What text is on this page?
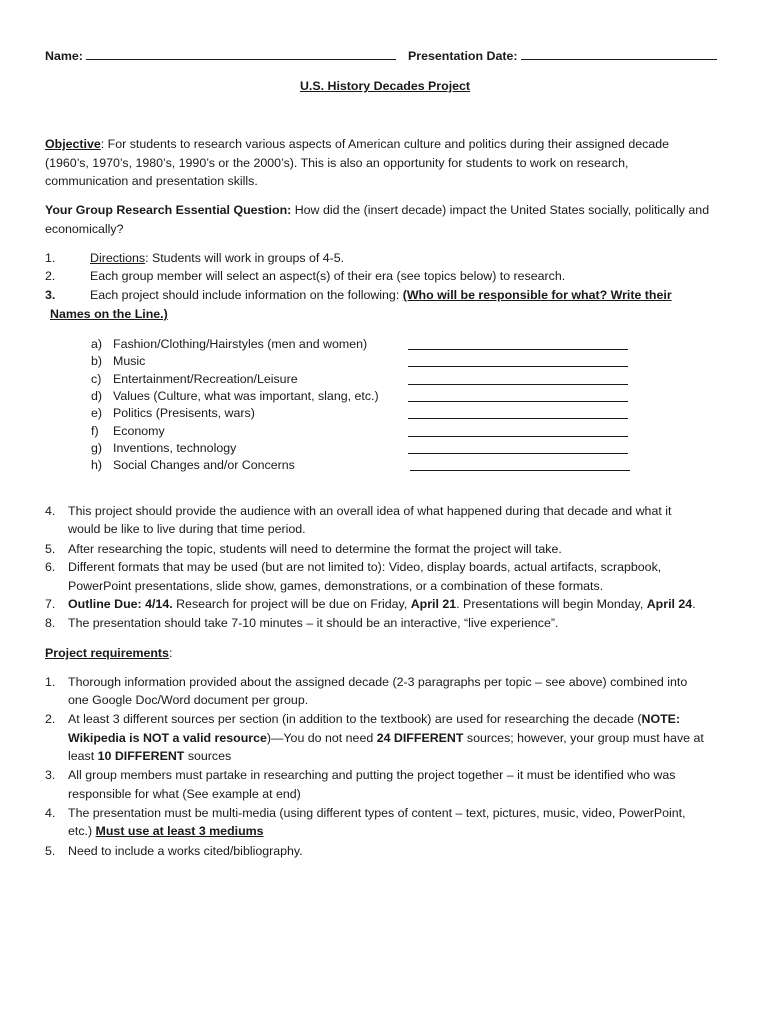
Name:	Presentation Date:
U.S. History Decades Project
Objective: For students to research various aspects of American culture and politics during their assigned decade
(1960’s, 1970’s, 1980’s, 1990’s or the 2000’s). This is also an opportunity for students to work on research,
communication and presentation skills.
Your Group Research Essential Question: How did the (insert decade) impact the United States socially, politically and
economically?
1.	Directions: Students will work in groups of 4-5.
2.	Each group member will select an aspect(s) of their era (see topics below) to research.
3.	Each project should include information on the following: (Who will be responsible for what? Write their
Names on the Line.)
a) Fashion/Clothing/Hairstyles (men and women)
b) Music
c) Entertainment/Recreation/Leisure
d) Values (Culture, what was important, slang, etc.)
e) Politics (Presisents, wars)
f) Economy
g) Inventions, technology
h) Social Changes and/or Concerns
4. This project should provide the audience with an overall idea of what happened during that decade and what it
would be like to live during that time period.
5. After researching the topic, students will need to determine the format the project will take.
6. Different formats that may be used (but are not limited to): Video, display boards, actual artifacts, scrapbook,
PowerPoint presentations, slide show, games, demonstrations, or a combination of these formats.
7. Outline Due: 4/14. Research for project will be due on Friday, April 21. Presentations will begin Monday, April 24.
8. The presentation should take 7-10 minutes – it should be an interactive, “live experience”.
Project requirements:
1. Thorough information provided about the assigned decade (2-3 paragraphs per topic – see above) combined into
one Google Doc/Word document per group.
2. At least 3 different sources per section (in addition to the textbook) are used for researching the decade (NOTE:
Wikipedia is NOT a valid resource)—You do not need 24 DIFFERENT sources; however, your group must have at
least 10 DIFFERENT sources
3. All group members must partake in researching and putting the project together – it must be identified who was
responsible for what (See example at end)
4. The presentation must be multi-media (using different types of content – text, pictures, music, video, PowerPoint,
etc.) Must use at least 3 mediums
5. Need to include a works cited/bibliography.
